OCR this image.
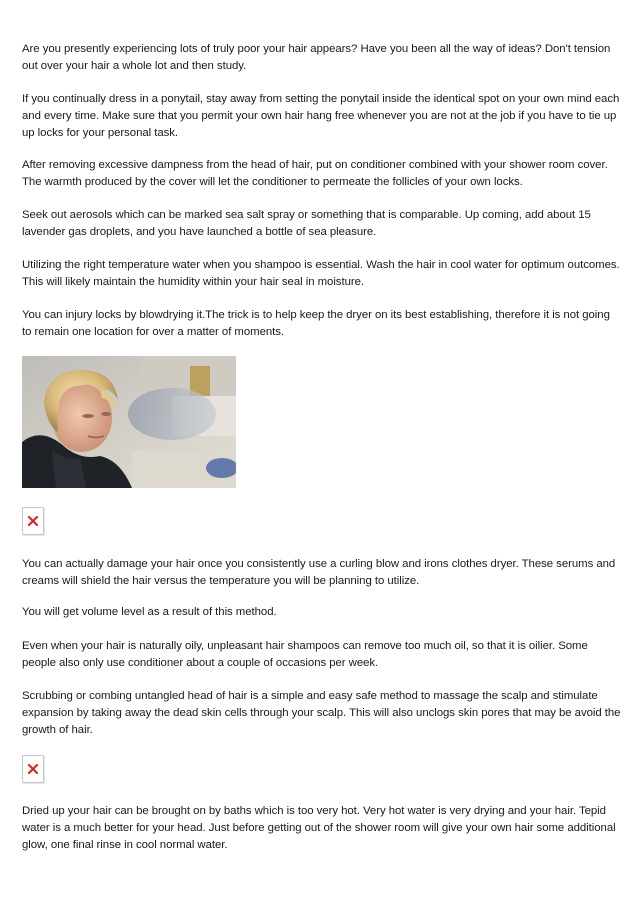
Are you presently experiencing lots of truly poor your hair appears? Have you been all the way of ideas? Don't tension out over your hair a whole lot and then study.

If you continually dress in a ponytail, stay away from setting the ponytail inside the identical spot on your own mind each and every time. Make sure that you permit your own hair hang free whenever you are not at the job if you have to tie up up locks for your personal task.

After removing excessive dampness from the head of hair, put on conditioner combined with your shower room cover. The warmth produced by the cover will let the conditioner to permeate the follicles of your own locks.

Seek out aerosols which can be marked sea salt spray or something that is comparable. Up coming, add about 15 lavender gas droplets, and you have launched a bottle of sea pleasure.

Utilizing the right temperature water when you shampoo is essential. Wash the hair in cool water for optimum outcomes. This will likely maintain the humidity within your hair seal in moisture.

You can injury locks by blowdrying it.The trick is to help keep the dryer on its best establishing, therefore it is not going to remain one location for over a matter of moments.

You can actually damage your hair once you consistently use a curling blow and irons clothes dryer. These serums and creams will shield the hair versus the temperature you will be planning to utilize.

You will get volume level as a result of this method.

Even when your hair is naturally oily, unpleasant hair shampoos can remove too much oil, so that it is oilier. Some people also only use conditioner about a couple of occasions per week.

Scrubbing or combing untangled head of hair is a simple and easy safe method to massage the scalp and stimulate expansion by taking away the dead skin cells through your scalp. This will also unclogs skin pores that may be avoid the growth of hair.

Dried up your hair can be brought on by baths which is too very hot. Very hot water is very drying and your hair. Tepid water is a much better for your head. Just before getting out of the shower room will give your own hair some additional glow, one final rinse in cool normal water.
